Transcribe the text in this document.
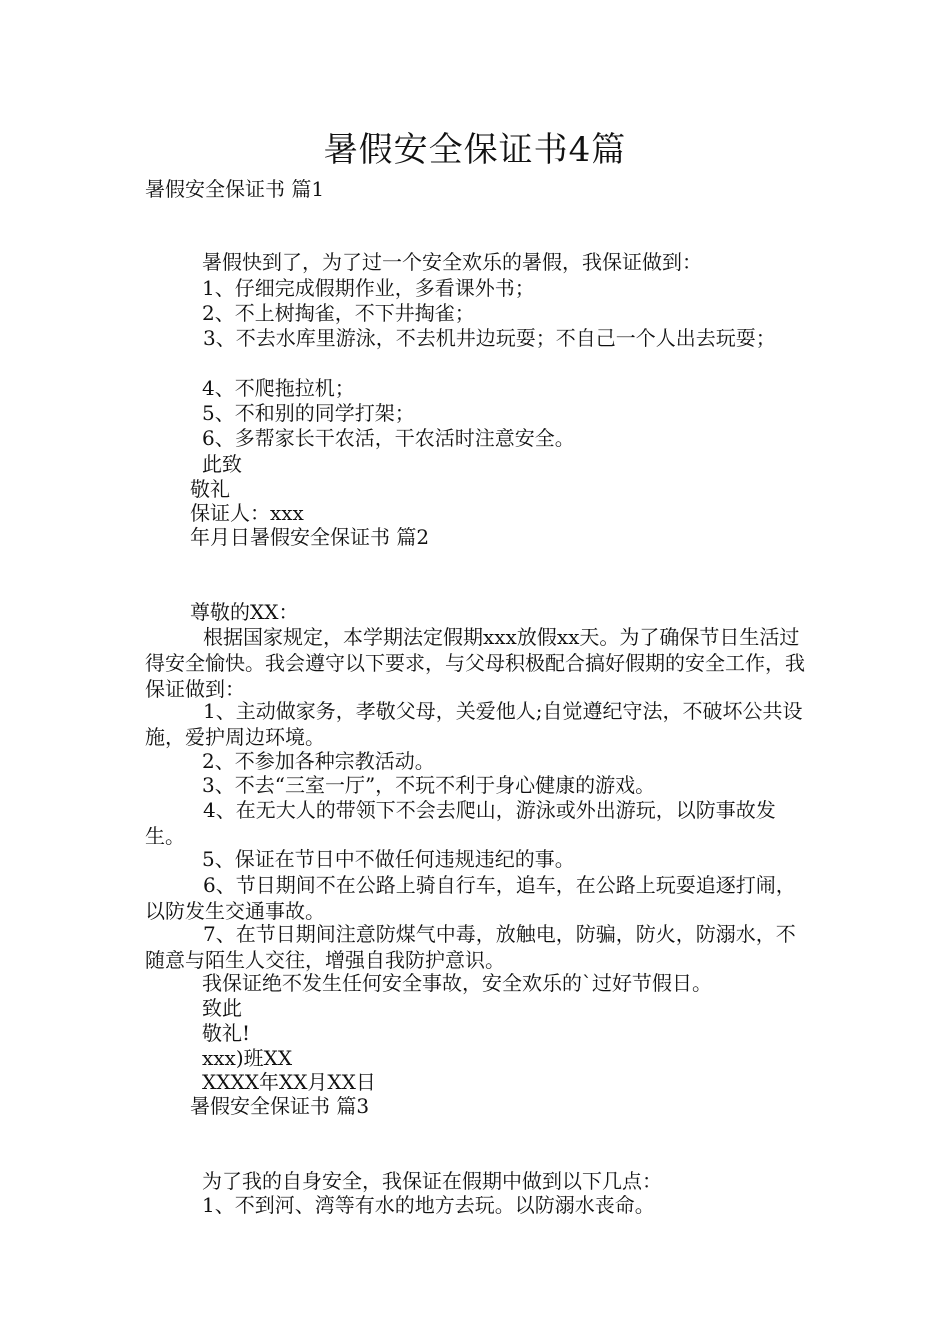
暑假安全保证书4篇

暑假安全保证书 篇1

暑假快到了，为了过一个安全欢乐的暑假，我保证做到：

1、仔细完成假期作业，多看课外书；

2、不上树掏雀，不下井掏雀；

3、不去水库里游泳，不去机井边玩耍；不自己一个人出去玩耍；

4、不爬拖拉机；

5、不和别的同学打架；

6、多帮家长干农活，干农活时注意安全。

此致

敬礼

保证人：xxx

年月日暑假安全保证书 篇2

尊敬的XX：

根据国家规定，本学期法定假期xxx放假xx天。为了确保节日生活过得安全愉快。我会遵守以下要求，与父母积极配合搞好假期的安全工作，我保证做到：

1、主动做家务，孝敬父母，关爱他人;自觉遵纪守法，不破坏公共设施，爱护周边环境。

2、不参加各种宗教活动。

3、不去“三室一厅”，不玩不利于身心健康的游戏。

4、在无大人的带领下不会去爬山，游泳或外出游玩，以防事故发生。

5、保证在节日中不做任何违规违纪的事。

6、节日期间不在公路上骑自行车，追车，在公路上玩耍追逐打闹，以防发生交通事故。

7、在节日期间注意防煤气中毒，放触电，防骗，防火，防溺水，不随意与陌生人交往，增强自我防护意识。

我保证绝不发生任何安全事故，安全欢乐的`过好节假日。

致此

敬礼!

xxx)班XX

XXXX年XX月XX日

暑假安全保证书 篇3

为了我的自身安全，我保证在假期中做到以下几点：

1、不到河、湾等有水的地方去玩。以防溺水丧命。
